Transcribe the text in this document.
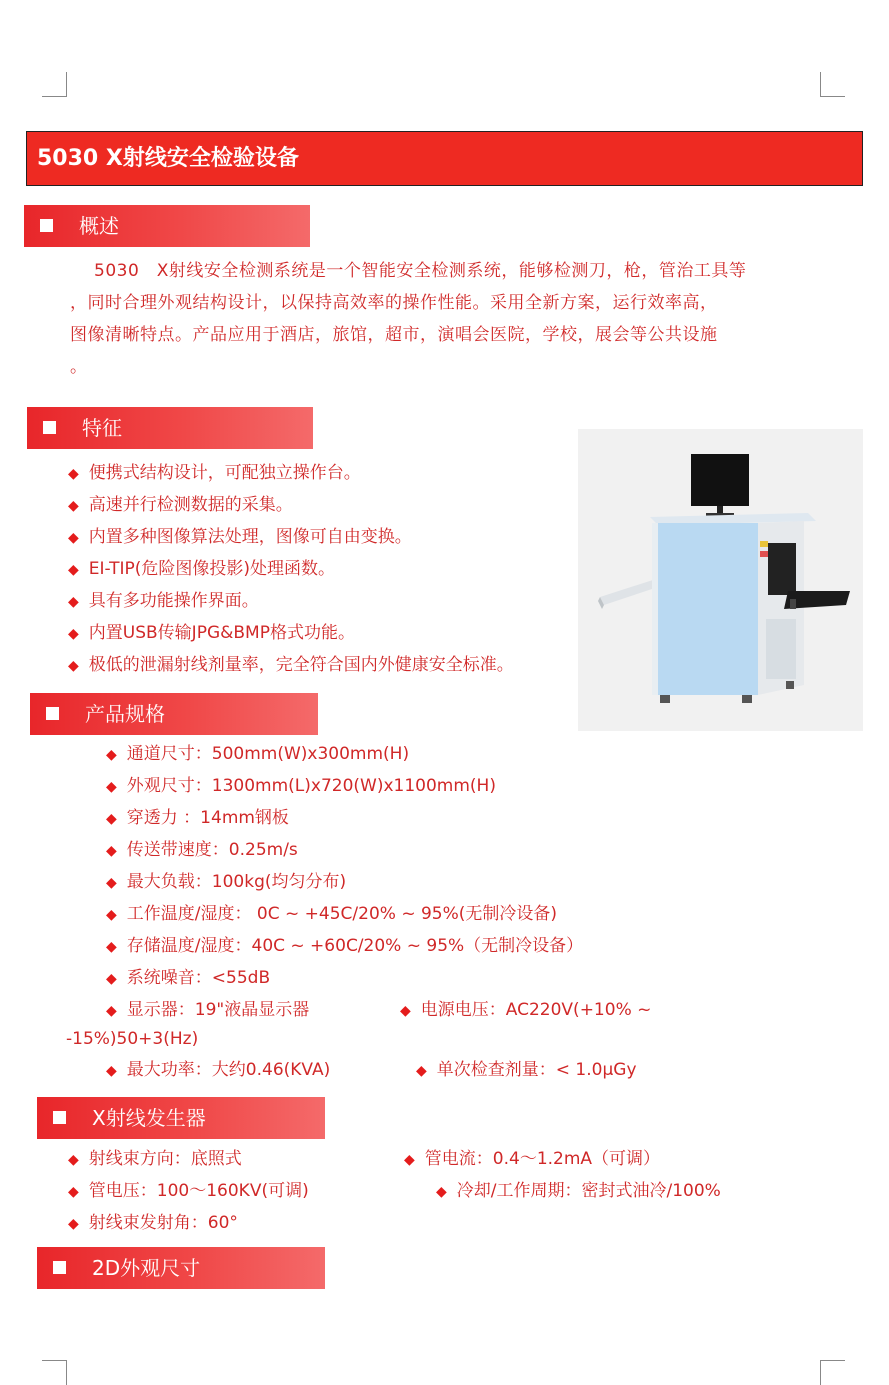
5030 X射线安全检验设备
概述
5030　X射线安全检测系统是一个智能安全检测系统，能够检测刀，枪，管治工具等
，同时合理外观结构设计，以保持高效率的操作性能。采用全新方案，运行效率高，
图像清晰特点。产品应用于酒店，旅馆，超市，演唱会医院，学校，展会等公共设施
。
特征
◆ 便携式结构设计，可配独立操作台。
◆ 高速并行检测数据的采集。
◆ 内置多种图像算法处理，图像可自由变换。
◆ EI-TIP(危险图像投影)处理函数。
◆ 具有多功能操作界面。
◆ 内置USB传输JPG&BMP格式功能。
◆ 极低的泄漏射线剂量率，完全符合国内外健康安全标准。
产品规格
◆ 通道尺寸：500mm(W)x300mm(H)
◆ 外观尺寸：1300mm(L)x720(W)x1100mm(H)
◆ 穿透力 ：14mm钢板
◆ 传送带速度：0.25m/s
◆ 最大负载：100kg(均匀分布)
◆ 工作温度/湿度： 0C ~ +45C/20% ~ 95%(无制冷设备)
◆ 存储温度/湿度：40C ~ +60C/20% ~ 95%（无制冷设备）
◆ 系统噪音：<55dB
◆ 显示器：19"液晶显示器	◆ 电源电压：AC220V(+10% ~
-15%)50+3(Hz)
◆ 最大功率：大约0.46(KVA)	◆ 单次检查剂量：< 1.0μGy
X射线发生器
◆ 射线束方向：底照式	◆ 管电流：0.4～1.2mA（可调）
◆ 管电压：100～160KV(可调)	◆ 冷却/工作周期：密封式油冷/100%
◆ 射线束发射角：60°
2D外观尺寸
